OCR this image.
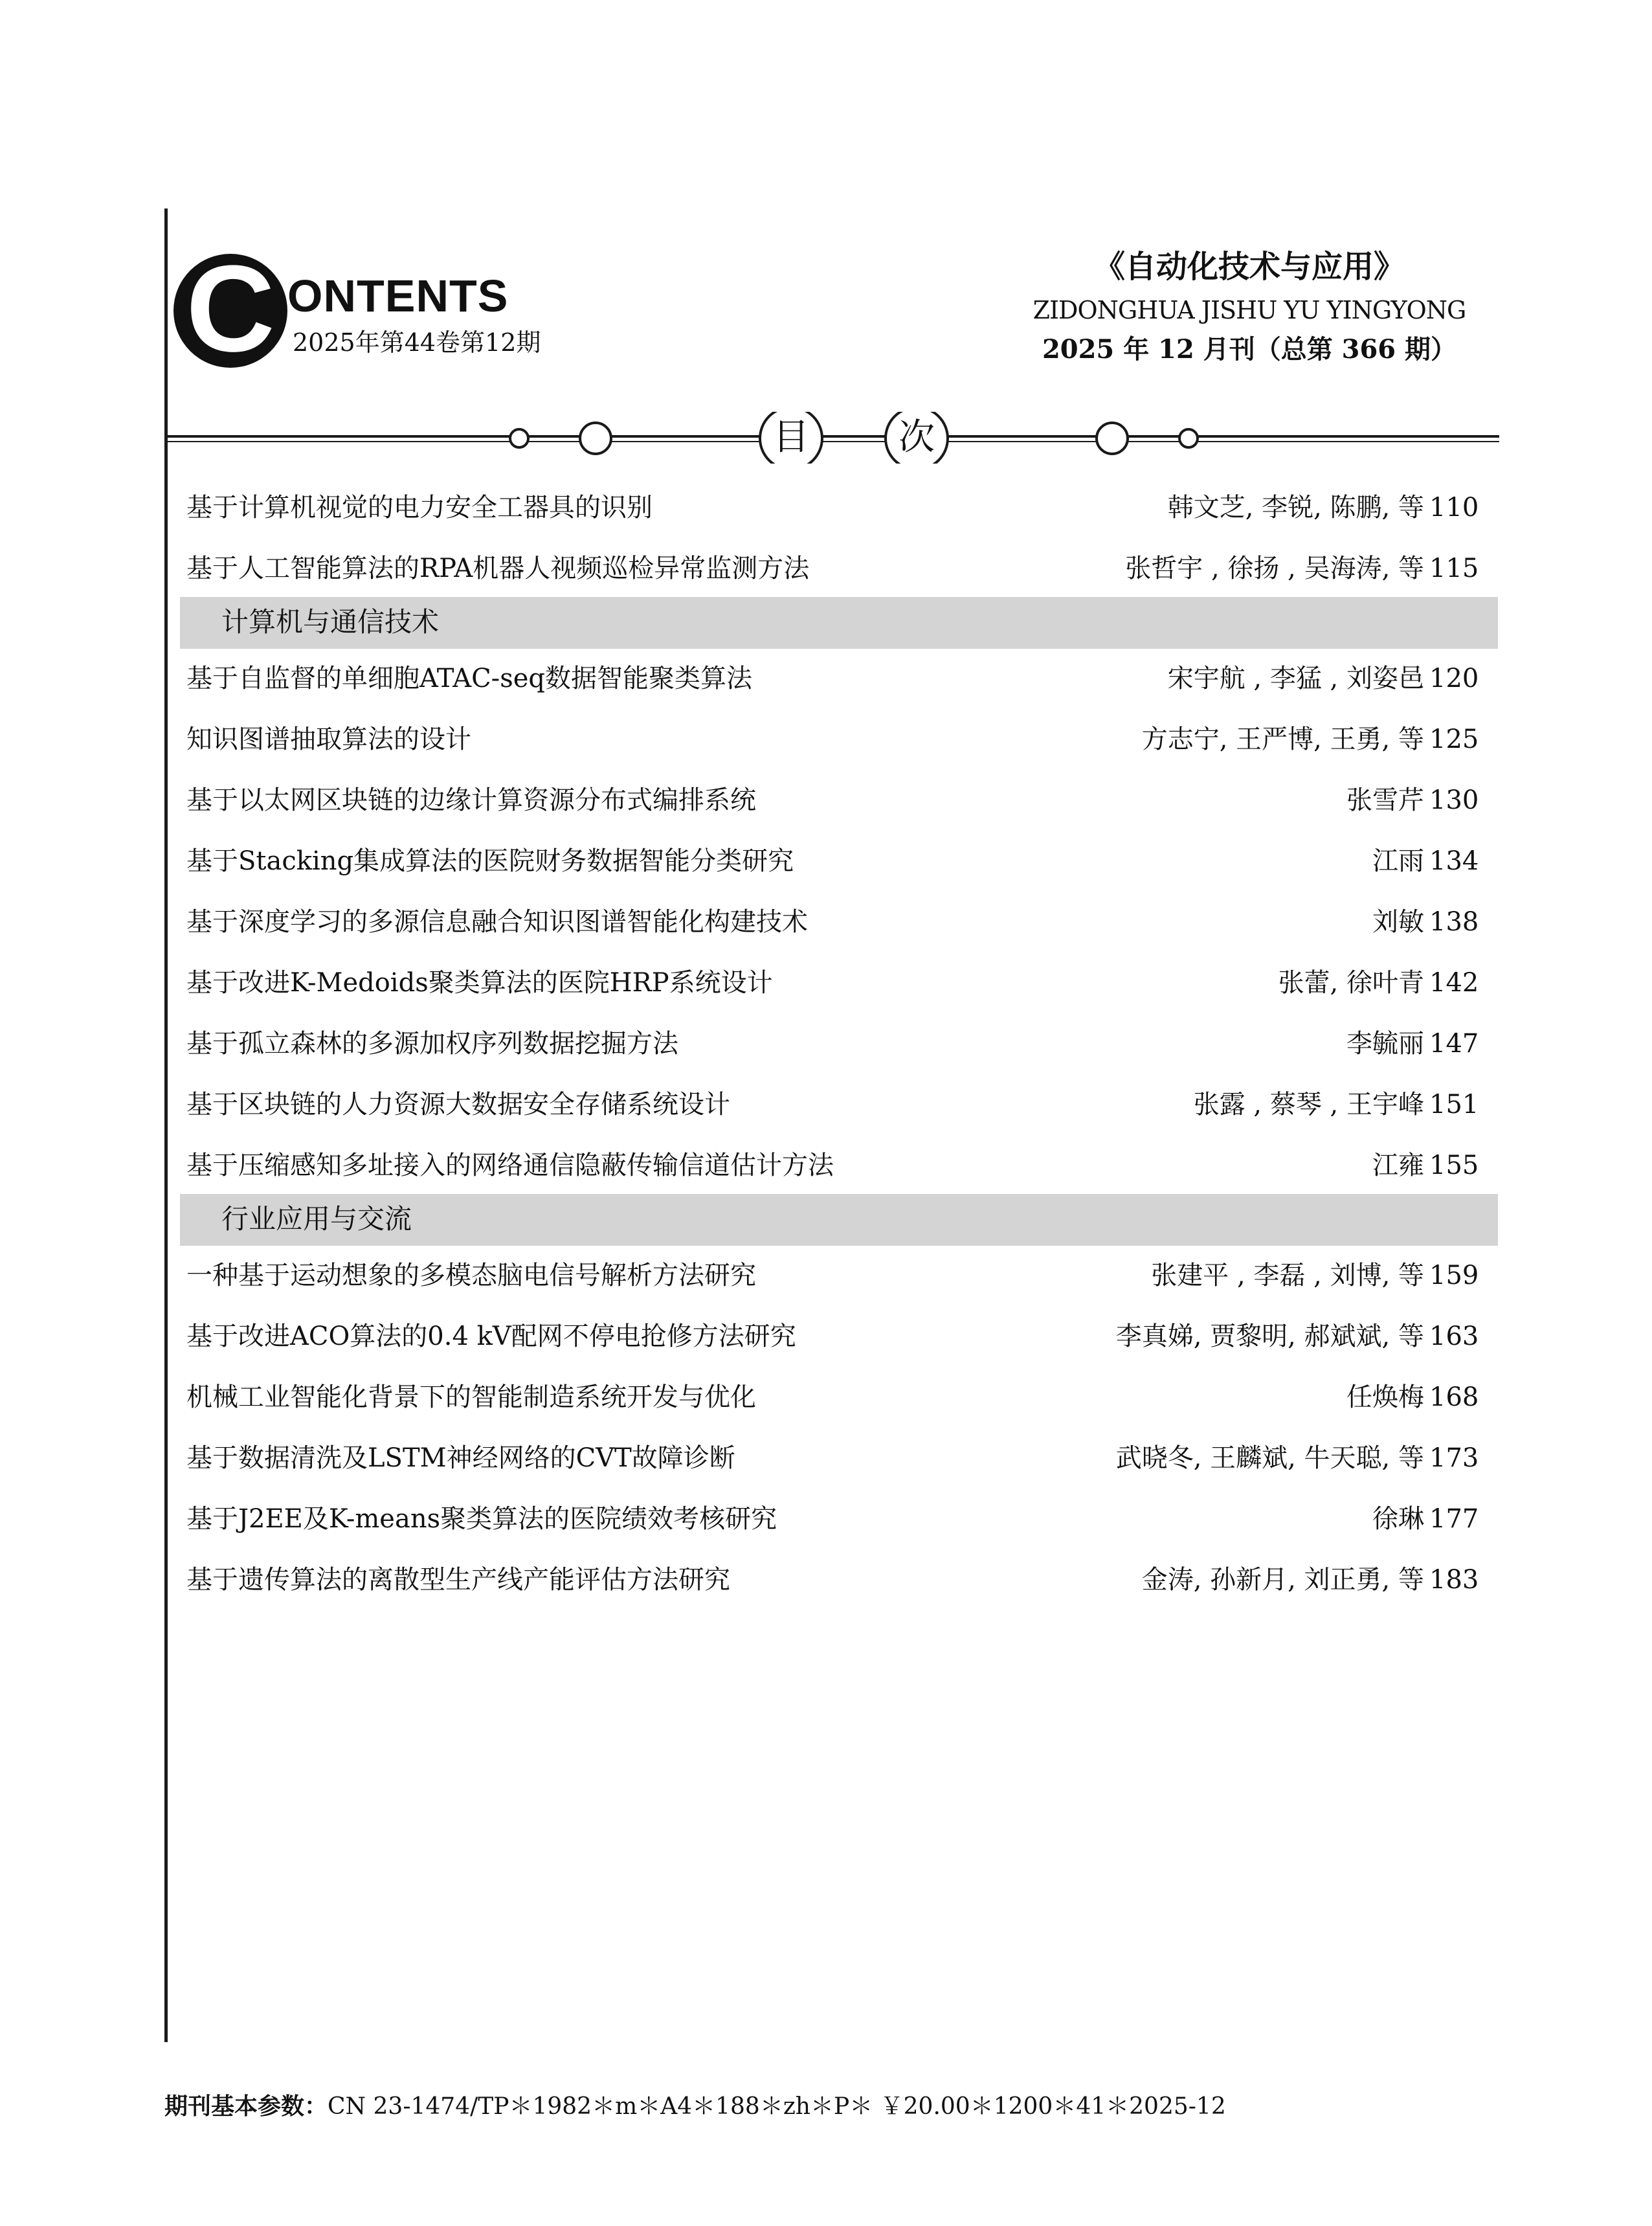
C ONTENTS
2025年第44卷第12期
《自动化技术与应用》
ZIDONGHUA JISHU YU YINGYONG
2025 年 12 月刊（总第 366 期）
目	次
基于计算机视觉的电力安全工器具的识别	韩文芝, 李锐, 陈鹏, 等 110
基于人工智能算法的RPA机器人视频巡检异常监测方法	张哲宇 , 徐扬 , 吴海涛, 等 115
计算机与通信技术
基于自监督的单细胞ATAC-seq数据智能聚类算法	宋宇航 , 李猛 , 刘姿邑 120
知识图谱抽取算法的设计	方志宁, 王严博, 王勇, 等 125
基于以太网区块链的边缘计算资源分布式编排系统	张雪芹 130
基于Stacking集成算法的医院财务数据智能分类研究	江雨 134
基于深度学习的多源信息融合知识图谱智能化构建技术	刘敏 138
基于改进K-Medoids聚类算法的医院HRP系统设计	张蕾, 徐叶青 142
基于孤立森林的多源加权序列数据挖掘方法	李毓丽 147
基于区块链的人力资源大数据安全存储系统设计	张露 , 蔡琴 , 王宇峰 151
基于压缩感知多址接入的网络通信隐蔽传输信道估计方法	江雍 155
行业应用与交流
一种基于运动想象的多模态脑电信号解析方法研究	张建平 , 李磊 , 刘博, 等 159
基于改进ACO算法的0.4 kV配网不停电抢修方法研究	李真娣, 贾黎明, 郝斌斌, 等 163
机械工业智能化背景下的智能制造系统开发与优化	任焕梅 168
基于数据清洗及LSTM神经网络的CVT故障诊断	武晓冬, 王麟斌, 牛天聪, 等 173
基于J2EE及K-means聚类算法的医院绩效考核研究	徐琳 177
基于遗传算法的离散型生产线产能评估方法研究	金涛, 孙新月, 刘正勇, 等 183
期刊基本参数：CN 23-1474/TP＊1982＊m＊A4＊188＊zh＊P＊ ￥20.00＊1200＊41＊2025-12
